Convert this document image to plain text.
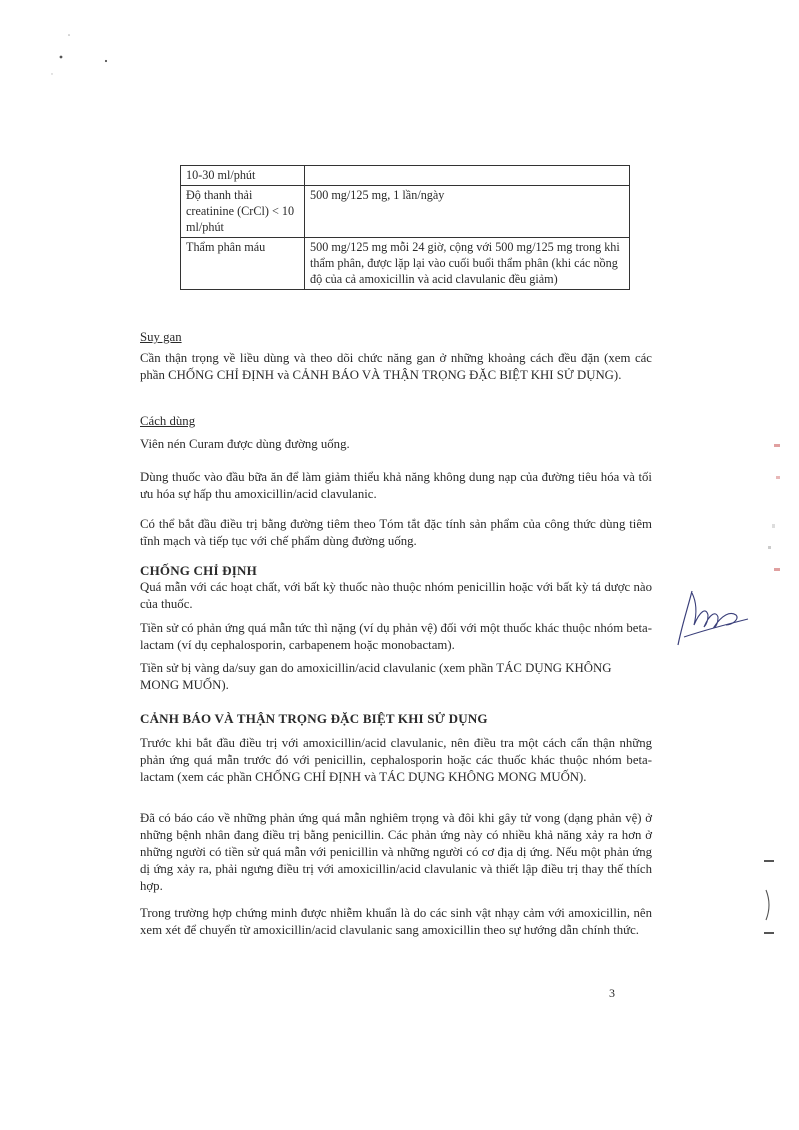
10-30 ml/phút	
Độ thanh thải creatinine (CrCl) < 10 ml/phút	500 mg/125 mg, 1 lần/ngày
Thẩm phân máu	500 mg/125 mg mỗi 24 giờ, cộng với 500 mg/125 mg trong khi thẩm phân, được lặp lại vào cuối buổi thẩm phân (khi các nồng độ của cả amoxicillin và acid clavulanic đều giảm)

Suy gan

Cần thận trọng về liều dùng và theo dõi chức năng gan ở những khoảng cách đều đặn (xem các phần CHỐNG CHỈ ĐỊNH và CẢNH BÁO VÀ THẬN TRỌNG ĐẶC BIỆT KHI SỬ DỤNG).

Cách dùng

Viên nén Curam được dùng đường uống.

Dùng thuốc vào đầu bữa ăn để làm giảm thiểu khả năng không dung nạp của đường tiêu hóa và tối ưu hóa sự hấp thu amoxicillin/acid clavulanic.

Có thể bắt đầu điều trị bằng đường tiêm theo Tóm tắt đặc tính sản phẩm của công thức dùng tiêm tĩnh mạch và tiếp tục với chế phẩm dùng đường uống.

CHỐNG CHỈ ĐỊNH

Quá mẫn với các hoạt chất, với bất kỳ thuốc nào thuộc nhóm penicillin hoặc với bất kỳ tá dược nào của thuốc.

Tiền sử có phản ứng quá mẫn tức thì nặng (ví dụ phản vệ) đối với một thuốc khác thuộc nhóm beta-lactam (ví dụ cephalosporin, carbapenem hoặc monobactam).

Tiền sử bị vàng da/suy gan do amoxicillin/acid clavulanic (xem phần TÁC DỤNG KHÔNG MONG MUỐN).

CẢNH BÁO VÀ THẬN TRỌNG ĐẶC BIỆT KHI SỬ DỤNG

Trước khi bắt đầu điều trị với amoxicillin/acid clavulanic, nên điều tra một cách cẩn thận những phản ứng quá mẫn trước đó với penicillin, cephalosporin hoặc các thuốc khác thuộc nhóm beta-lactam (xem các phần CHỐNG CHỈ ĐỊNH và TÁC DỤNG KHÔNG MONG MUỐN).

Đã có báo cáo về những phản ứng quá mẫn nghiêm trọng và đôi khi gây tử vong (dạng phản vệ) ở những bệnh nhân đang điều trị bằng penicillin. Các phản ứng này có nhiều khả năng xảy ra hơn ở những người có tiền sử quá mẫn với penicillin và những người có cơ địa dị ứng. Nếu một phản ứng dị ứng xảy ra, phải ngưng điều trị với amoxicillin/acid clavulanic và thiết lập điều trị thay thế thích hợp.

Trong trường hợp chứng minh được nhiễm khuẩn là do các sinh vật nhạy cảm với amoxicillin, nên xem xét để chuyển từ amoxicillin/acid clavulanic sang amoxicillin theo sự hướng dẫn chính thức.

3
